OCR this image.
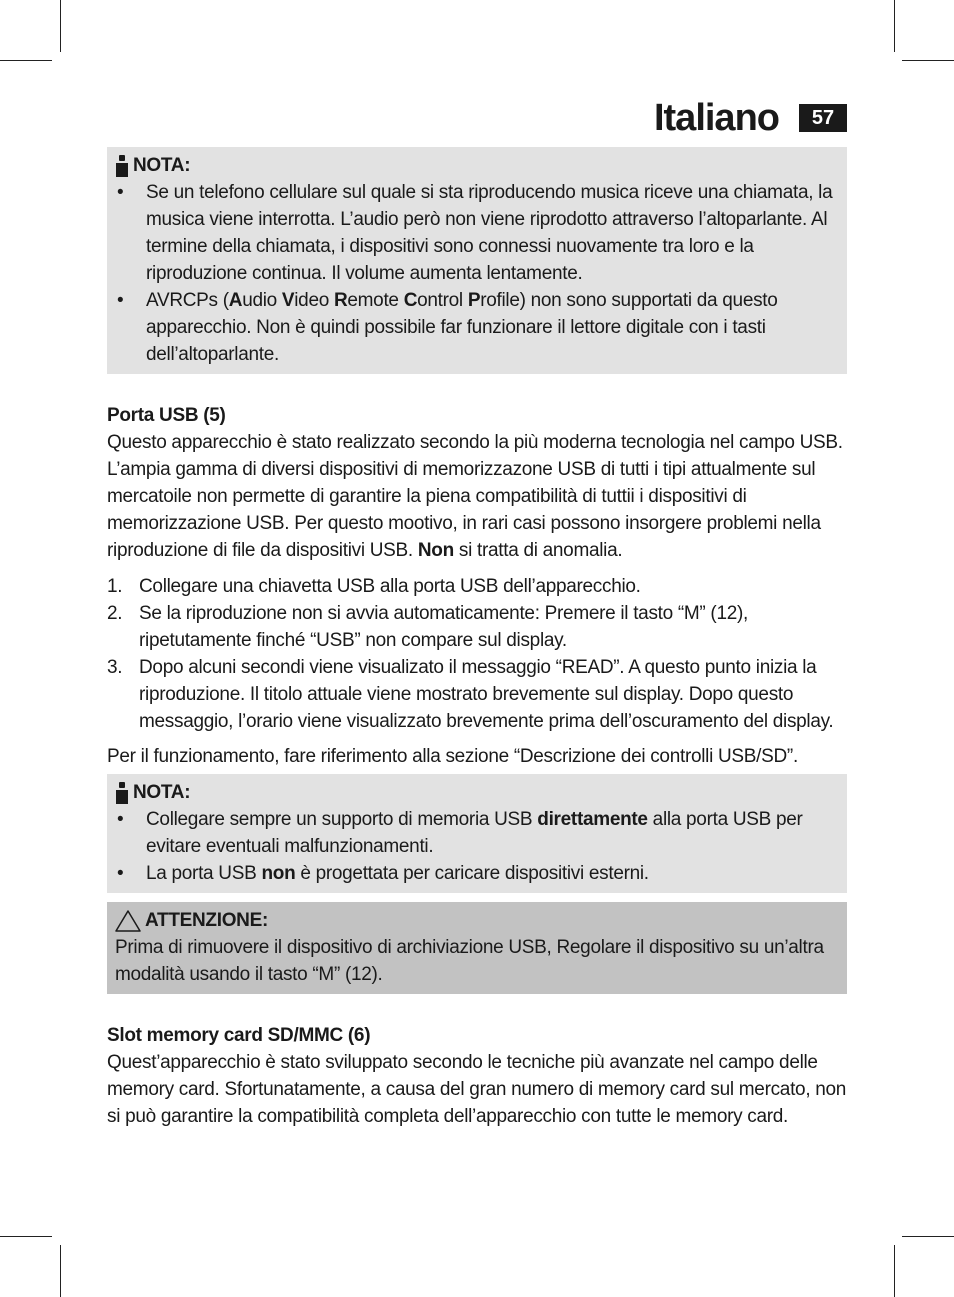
Italiano	57
NOTA:
• Se un telefono cellulare sul quale si sta riproducendo musica riceve una chiamata, la musica viene interrotta. L’audio però non viene riprodotto attraverso l’altoparlante. Al termine della chiamata, i dispositivi sono connessi nuovamente tra loro e la riproduzione continua. Il volume aumenta lentamente.
• AVRCPs (Audio Video Remote Control Profile) non sono supportati da questo apparecchio. Non è quindi possibile far funzionare il lettore digitale con i tasti dell’altoparlante.
Porta USB (5)

Questo apparecchio è stato realizzato secondo la più moderna tecnologia nel campo USB. L’ampia gamma di diversi dispositivi di memorizzazone USB di tutti i tipi attualmente sul mercatoile non permette di garantire la piena compatibilità di tuttii i dispositivi di memorizzazione USB. Per questo mootivo, in rari casi possono insorgere problemi nella riproduzione di file da dispositivi USB. Non si tratta di anomalia.

1. Collegare una chiavetta USB alla porta USB dell’apparecchio.
2. Se la riproduzione non si avvia automaticamente: Premere il tasto “M” (12), ripetutamente finché “USB” non compare sul display.
3. Dopo alcuni secondi viene visualizato il messaggio “READ”. A questo punto inizia la riproduzione. Il titolo attuale viene mostrato brevemente sul display. Dopo questo messaggio, l’orario viene visualizzato brevemente prima dell’oscuramento del display.

Per il funzionamento, fare riferimento alla sezione “Descrizione dei controlli USB/SD”.

NOTA:
• Collegare sempre un supporto di memoria USB direttamente alla porta USB per evitare eventuali malfunzionamenti.
• La porta USB non è progettata per caricare dispositivi esterni.
ATTENZIONE:

Prima di rimuovere il dispositivo di archiviazione USB, Regolare il dispositivo su un’altra modalità usando il tasto “M” (12).

Slot memory card SD/MMC (6)

Quest’apparecchio è stato sviluppato secondo le tecniche più avanzate nel campo delle memory card. Sfortunatamente, a causa del gran numero di memory card sul mercato, non si può garantire la compatibilità completa dell’apparecchio con tutte le memory card.
